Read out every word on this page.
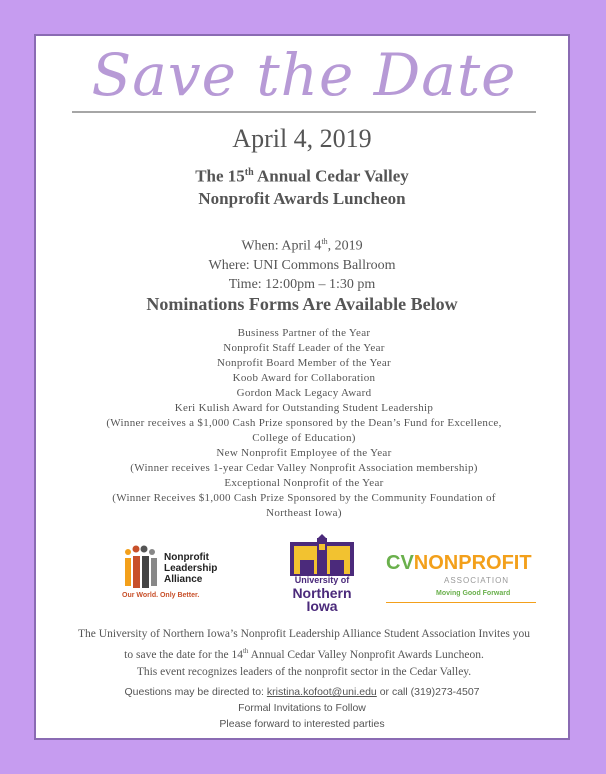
Save the Date
April 4, 2019
The 15th Annual Cedar Valley
Nonprofit Awards Luncheon
When: April 4th, 2019
Where: UNI Commons Ballroom
Time: 12:00pm – 1:30 pm
Nominations Forms Are Available Below
Business Partner of the Year
Nonprofit Staff Leader of the Year
Nonprofit Board Member of the Year
Koob Award for Collaboration
Gordon Mack Legacy Award
Keri Kulish Award for Outstanding Student Leadership
(Winner receives a $1,000 Cash Prize sponsored by the Dean’s Fund for Excellence,
College of Education)
New Nonprofit Employee of the Year
(Winner receives 1-year Cedar Valley Nonprofit Association membership)
Exceptional Nonprofit of the Year
(Winner Receives $1,000 Cash Prize Sponsored by the Community Foundation of
Northeast Iowa)
Nonprofit
Leadership
Alliance
Our World. Only Better.
University of
Northern
Iowa
CVNONPROFIT
ASSOCIATION
Moving Good Forward
The University of Northern Iowa’s Nonprofit Leadership Alliance Student Association Invites you
to save the date for the 14th Annual Cedar Valley Nonprofit Awards Luncheon.
This event recognizes leaders of the nonprofit sector in the Cedar Valley.
Questions may be directed to: kristina.kofoot@uni.edu or call (319)273-4507
Formal Invitations to Follow
Please forward to interested parties
